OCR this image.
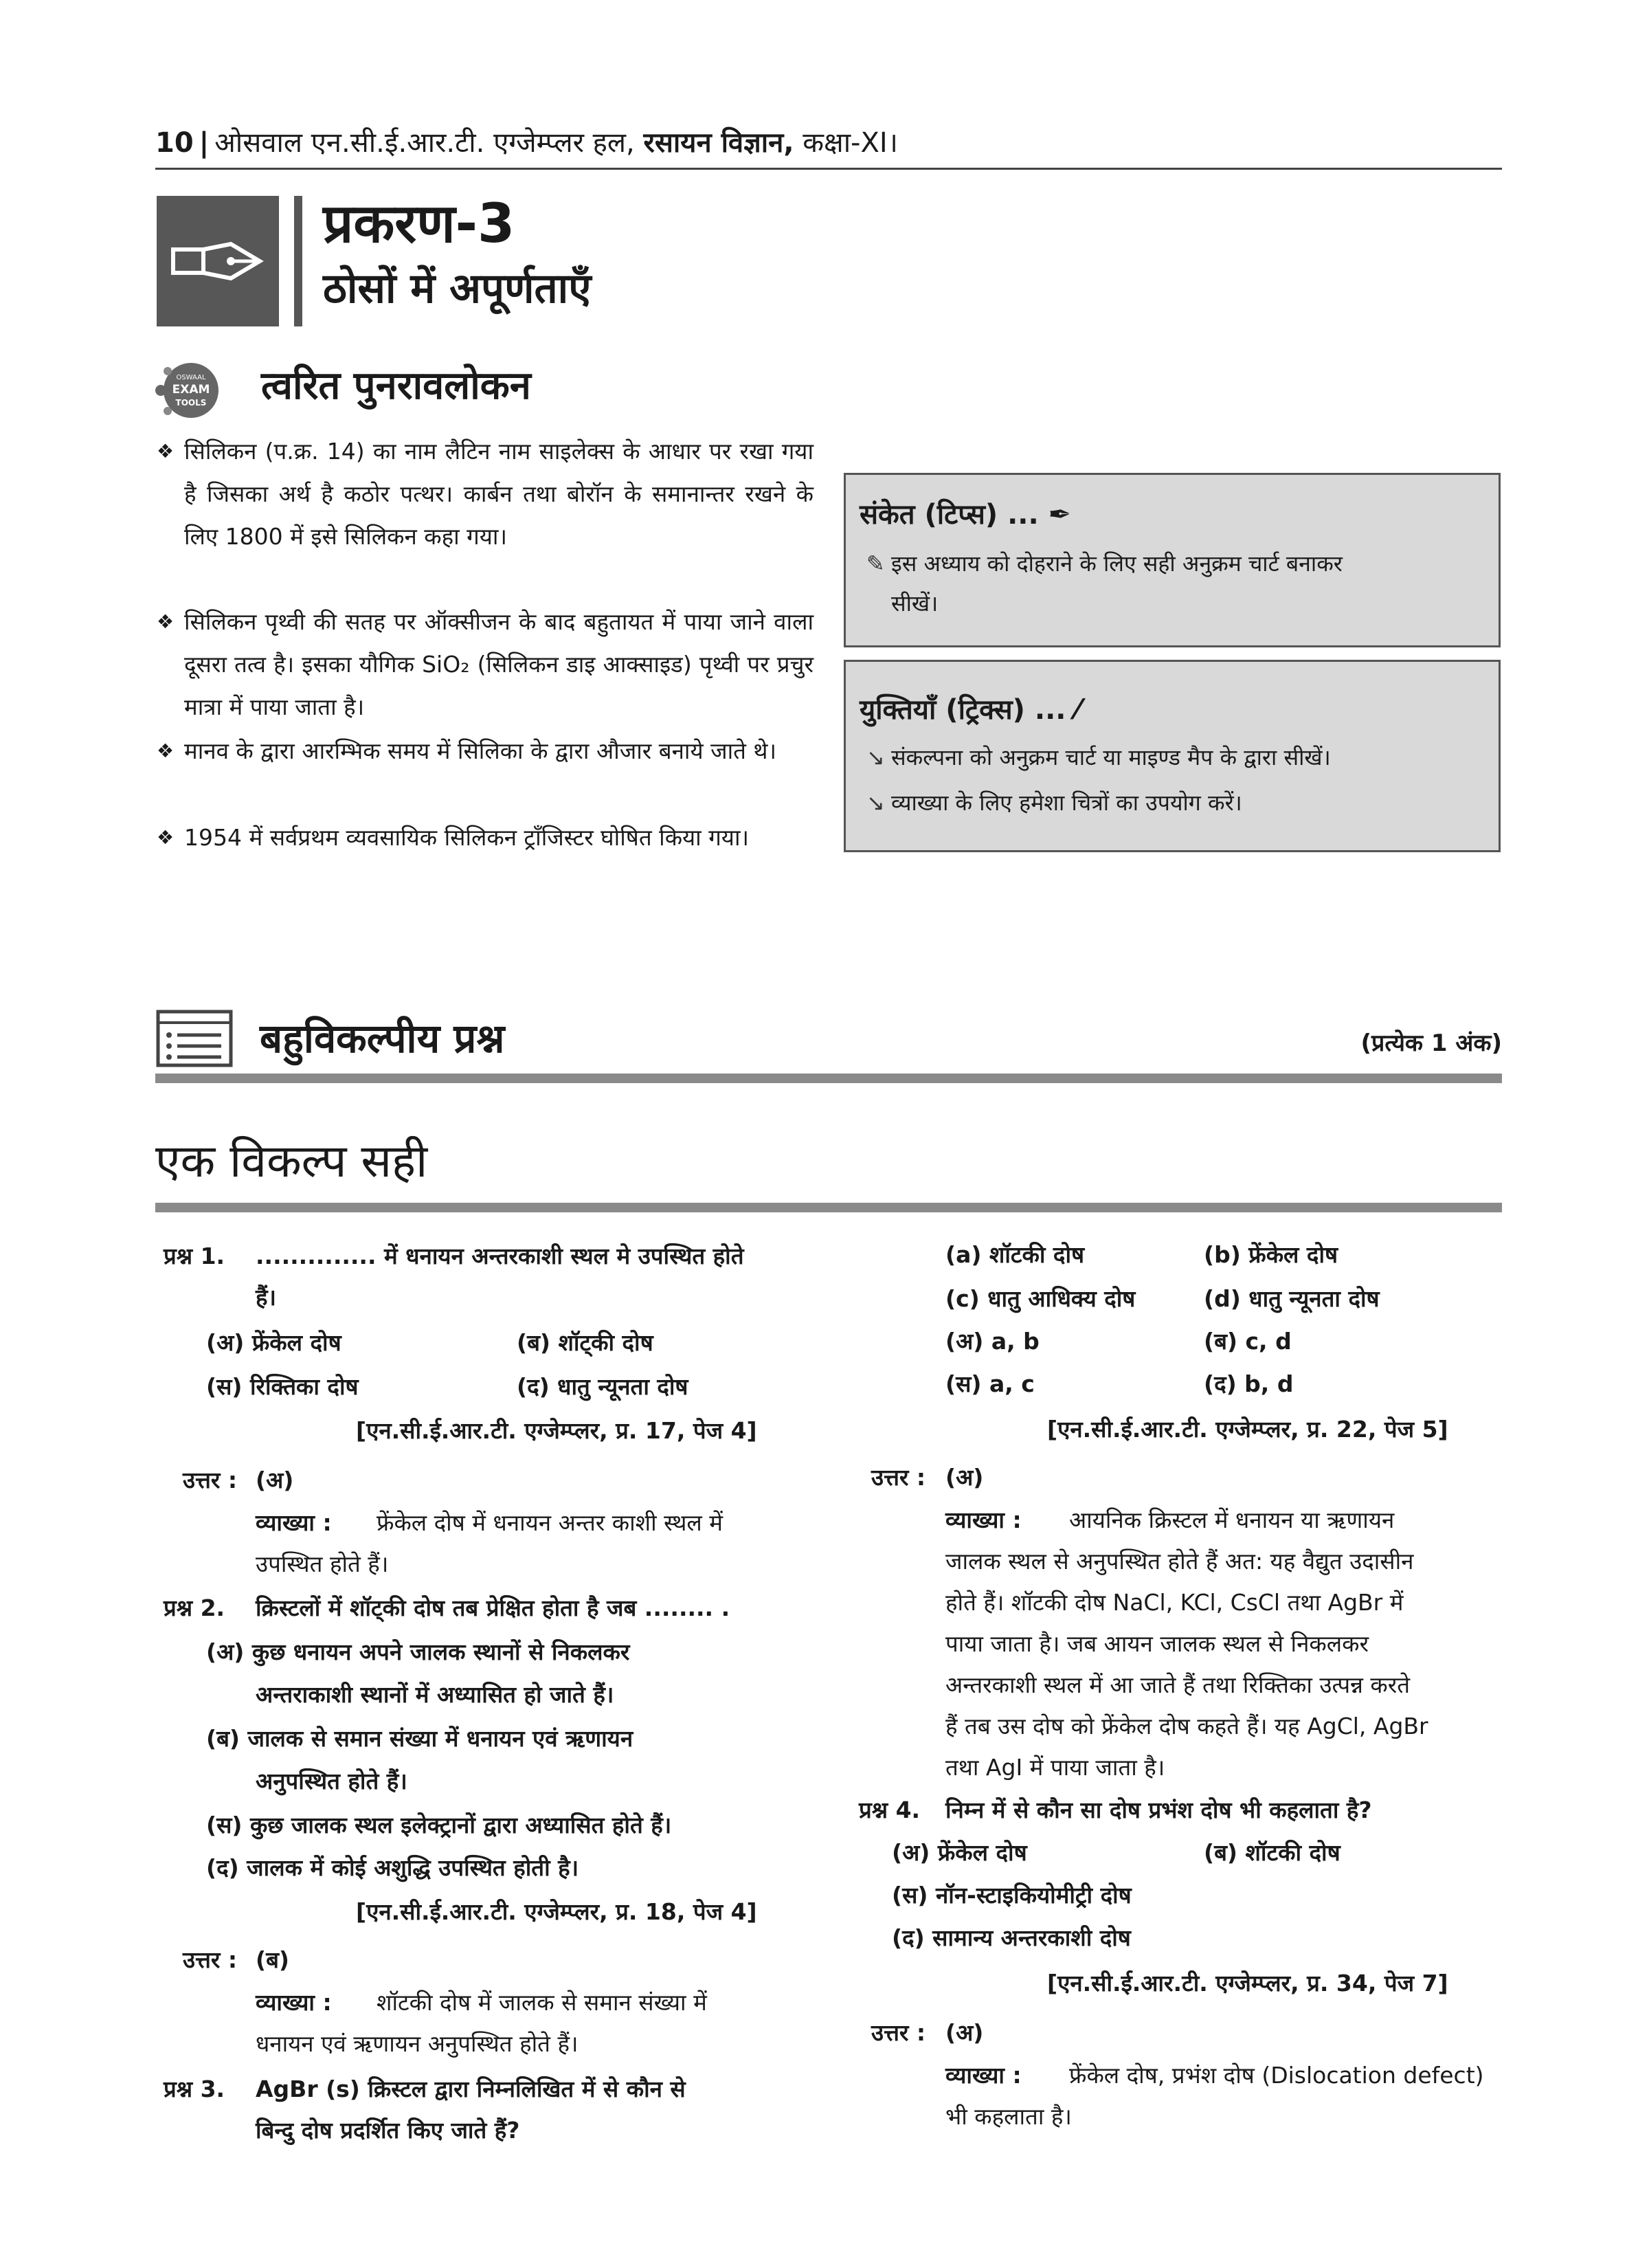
10 | ओसवाल एन.सी.ई.आर.टी. एग्जेम्प्लर हल, रसायन विज्ञान, कक्षा-XI।
प्रकरण-3
ठोसों में अपूर्णताएँ
OSWAAL
EXAM
TOOLS त्वरित पुनरावलोकन
❖ सिलिकन (प.क्र. 14) का नाम लैटिन नाम साइलेक्स के आधार पर रखा गया है जिसका अर्थ है कठोर पत्थर। कार्बन तथा बोरॉन के समानान्तर रखने के लिए 1800 में इसे सिलिकन कहा गया।
❖ सिलिकन पृथ्वी की सतह पर ऑक्सीजन के बाद बहुतायत में पाया जाने वाला दूसरा तत्व है। इसका यौगिक SiO₂ (सिलिकन डाइ आक्साइड) पृथ्वी पर प्रचुर मात्रा में पाया जाता है।
❖ मानव के द्वारा आरम्भिक समय में सिलिका के द्वारा औजार बनाये जाते थे।
❖ 1954 में सर्वप्रथम व्यवसायिक सिलिकन ट्राँजिस्टर घोषित किया गया।
संकेत (टिप्स) ... ✒
✎ इस अध्याय को दोहराने के लिए सही अनुक्रम चार्ट बनाकर
सीखें।
युक्तियाँ (ट्रिक्स) ... ⁄
↘ संकल्पना को अनुक्रम चार्ट या माइण्ड मैप के द्वारा सीखें।
↘ व्याख्या के लिए हमेशा चित्रों का उपयोग करें।
बहुविकल्पीय प्रश्न	(प्रत्येक 1 अंक)
एक विकल्प सही
प्रश्न 1. .............. में धनायन अन्तरकाशी स्थल मे उपस्थित होते
हैं।
(अ) फ्रेंकेल दोष	(ब) शॉट्की दोष
(स) रिक्तिका दोष	(द) धातु न्यूनता दोष
[एन.सी.ई.आर.टी. एग्जेम्प्लर, प्र. 17, पेज 4]
उत्तर : (अ)
व्याख्या : फ्रेंकेल दोष में धनायन अन्तर काशी स्थल में
उपस्थित होते हैं।
प्रश्न 2. क्रिस्टलों में शॉट्की दोष तब प्रेक्षित होता है जब ........ .
(अ) कुछ धनायन अपने जालक स्थानों से निकलकर
अन्तराकाशी स्थानों में अध्यासित हो जाते हैं।
(ब) जालक से समान संख्या में धनायन एवं ऋणायन
अनुपस्थित होते हैं।
(स) कुछ जालक स्थल इलेक्ट्रानों द्वारा अध्यासित होते हैं।
(द) जालक में कोई अशुद्धि उपस्थित होती है।
[एन.सी.ई.आर.टी. एग्जेम्प्लर, प्र. 18, पेज 4]
उत्तर : (ब)
व्याख्या : शॉटकी दोष में जालक से समान संख्या में
धनायन एवं ऋणायन अनुपस्थित होते हैं।
प्रश्न 3. AgBr (s) क्रिस्टल द्वारा निम्नलिखित में से कौन से
बिन्दु दोष प्रदर्शित किए जाते हैं?
(a) शॉटकी दोष	(b) फ्रेंकेल दोष
(c) धातु आधिक्य दोष	(d) धातु न्यूनता दोष
(अ) a, b	(ब) c, d
(स) a, c	(द) b, d
[एन.सी.ई.आर.टी. एग्जेम्प्लर, प्र. 22, पेज 5]
उत्तर : (अ)
व्याख्या : आयनिक क्रिस्टल में धनायन या ऋणायन
जालक स्थल से अनुपस्थित होते हैं अत: यह वैद्युत उदासीन
होते हैं। शॉटकी दोष NaCl, KCl, CsCl तथा AgBr में
पाया जाता है। जब आयन जालक स्थल से निकलकर
अन्तरकाशी स्थल में आ जाते हैं तथा रिक्तिका उत्पन्न करते
हैं तब उस दोष को फ्रेंकेल दोष कहते हैं। यह AgCl, AgBr
तथा AgI में पाया जाता है।
प्रश्न 4. निम्न में से कौन सा दोष प्रभंश दोष भी कहलाता है?
(अ) फ्रेंकेल दोष	(ब) शॉटकी दोष
(स) नॉन-स्टाइकियोमीट्री दोष
(द) सामान्य अन्तरकाशी दोष
[एन.सी.ई.आर.टी. एग्जेम्प्लर, प्र. 34, पेज 7]
उत्तर : (अ)
व्याख्या : फ्रेंकेल दोष, प्रभंश दोष (Dislocation defect)
भी कहलाता है।
